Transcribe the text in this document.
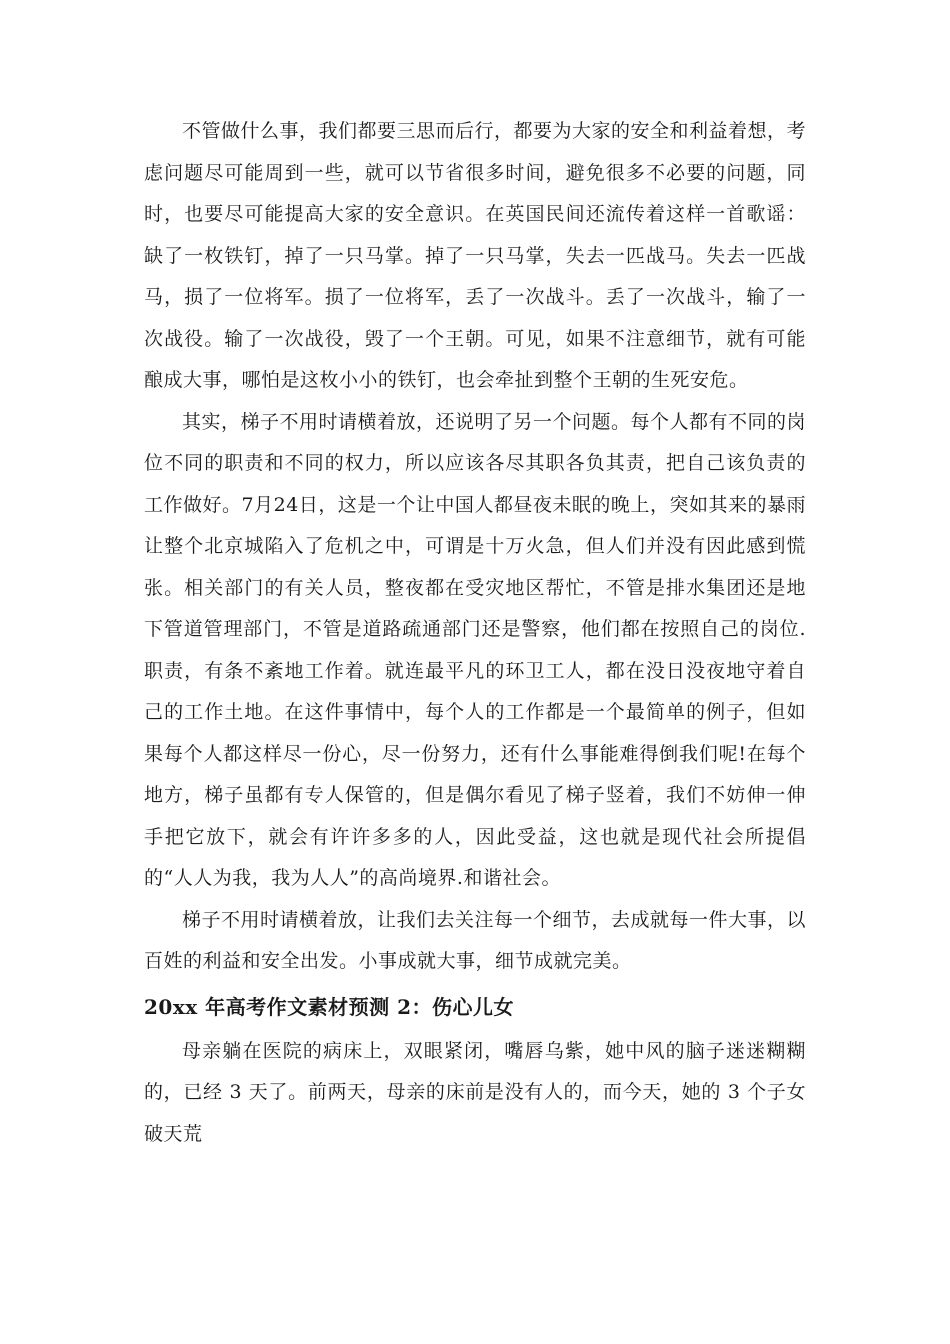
不管做什么事，我们都要三思而后行，都要为大家的安全和利益着想，考虑问题尽可能周到一些，就可以节省很多时间，避免很多不必要的问题，同时，也要尽可能提高大家的安全意识。在英国民间还流传着这样一首歌谣：缺了一枚铁钉，掉了一只马掌。掉了一只马掌，失去一匹战马。失去一匹战马，损了一位将军。损了一位将军，丢了一次战斗。丢了一次战斗，输了一次战役。输了一次战役，毁了一个王朝。可见，如果不注意细节，就有可能酿成大事，哪怕是这枚小小的铁钉，也会牵扯到整个王朝的生死安危。

其实，梯子不用时请横着放，还说明了另一个问题。每个人都有不同的岗位不同的职责和不同的权力，所以应该各尽其职各负其责，把自己该负责的工作做好。7月24日，这是一个让中国人都昼夜未眠的晚上，突如其来的暴雨让整个北京城陷入了危机之中，可谓是十万火急，但人们并没有因此感到慌张。相关部门的有关人员，整夜都在受灾地区帮忙，不管是排水集团还是地下管道管理部门，不管是道路疏通部门还是警察，他们都在按照自己的岗位.职责，有条不紊地工作着。就连最平凡的环卫工人，都在没日没夜地守着自己的工作土地。在这件事情中，每个人的工作都是一个最简单的例子，但如果每个人都这样尽一份心，尽一份努力，还有什么事能难得倒我们呢!在每个地方，梯子虽都有专人保管的，但是偶尔看见了梯子竖着，我们不妨伸一伸手把它放下，就会有许许多多的人，因此受益，这也就是现代社会所提倡的“人人为我，我为人人”的高尚境界.和谐社会。

梯子不用时请横着放，让我们去关注每一个细节，去成就每一件大事，以百姓的利益和安全出发。小事成就大事，细节成就完美。

20xx 年高考作文素材预测 2：伤心儿女

母亲躺在医院的病床上，双眼紧闭，嘴唇乌紫，她中风的脑子迷迷糊糊的，已经 3 天了。前两天，母亲的床前是没有人的，而今天，她的 3 个子女破天荒
